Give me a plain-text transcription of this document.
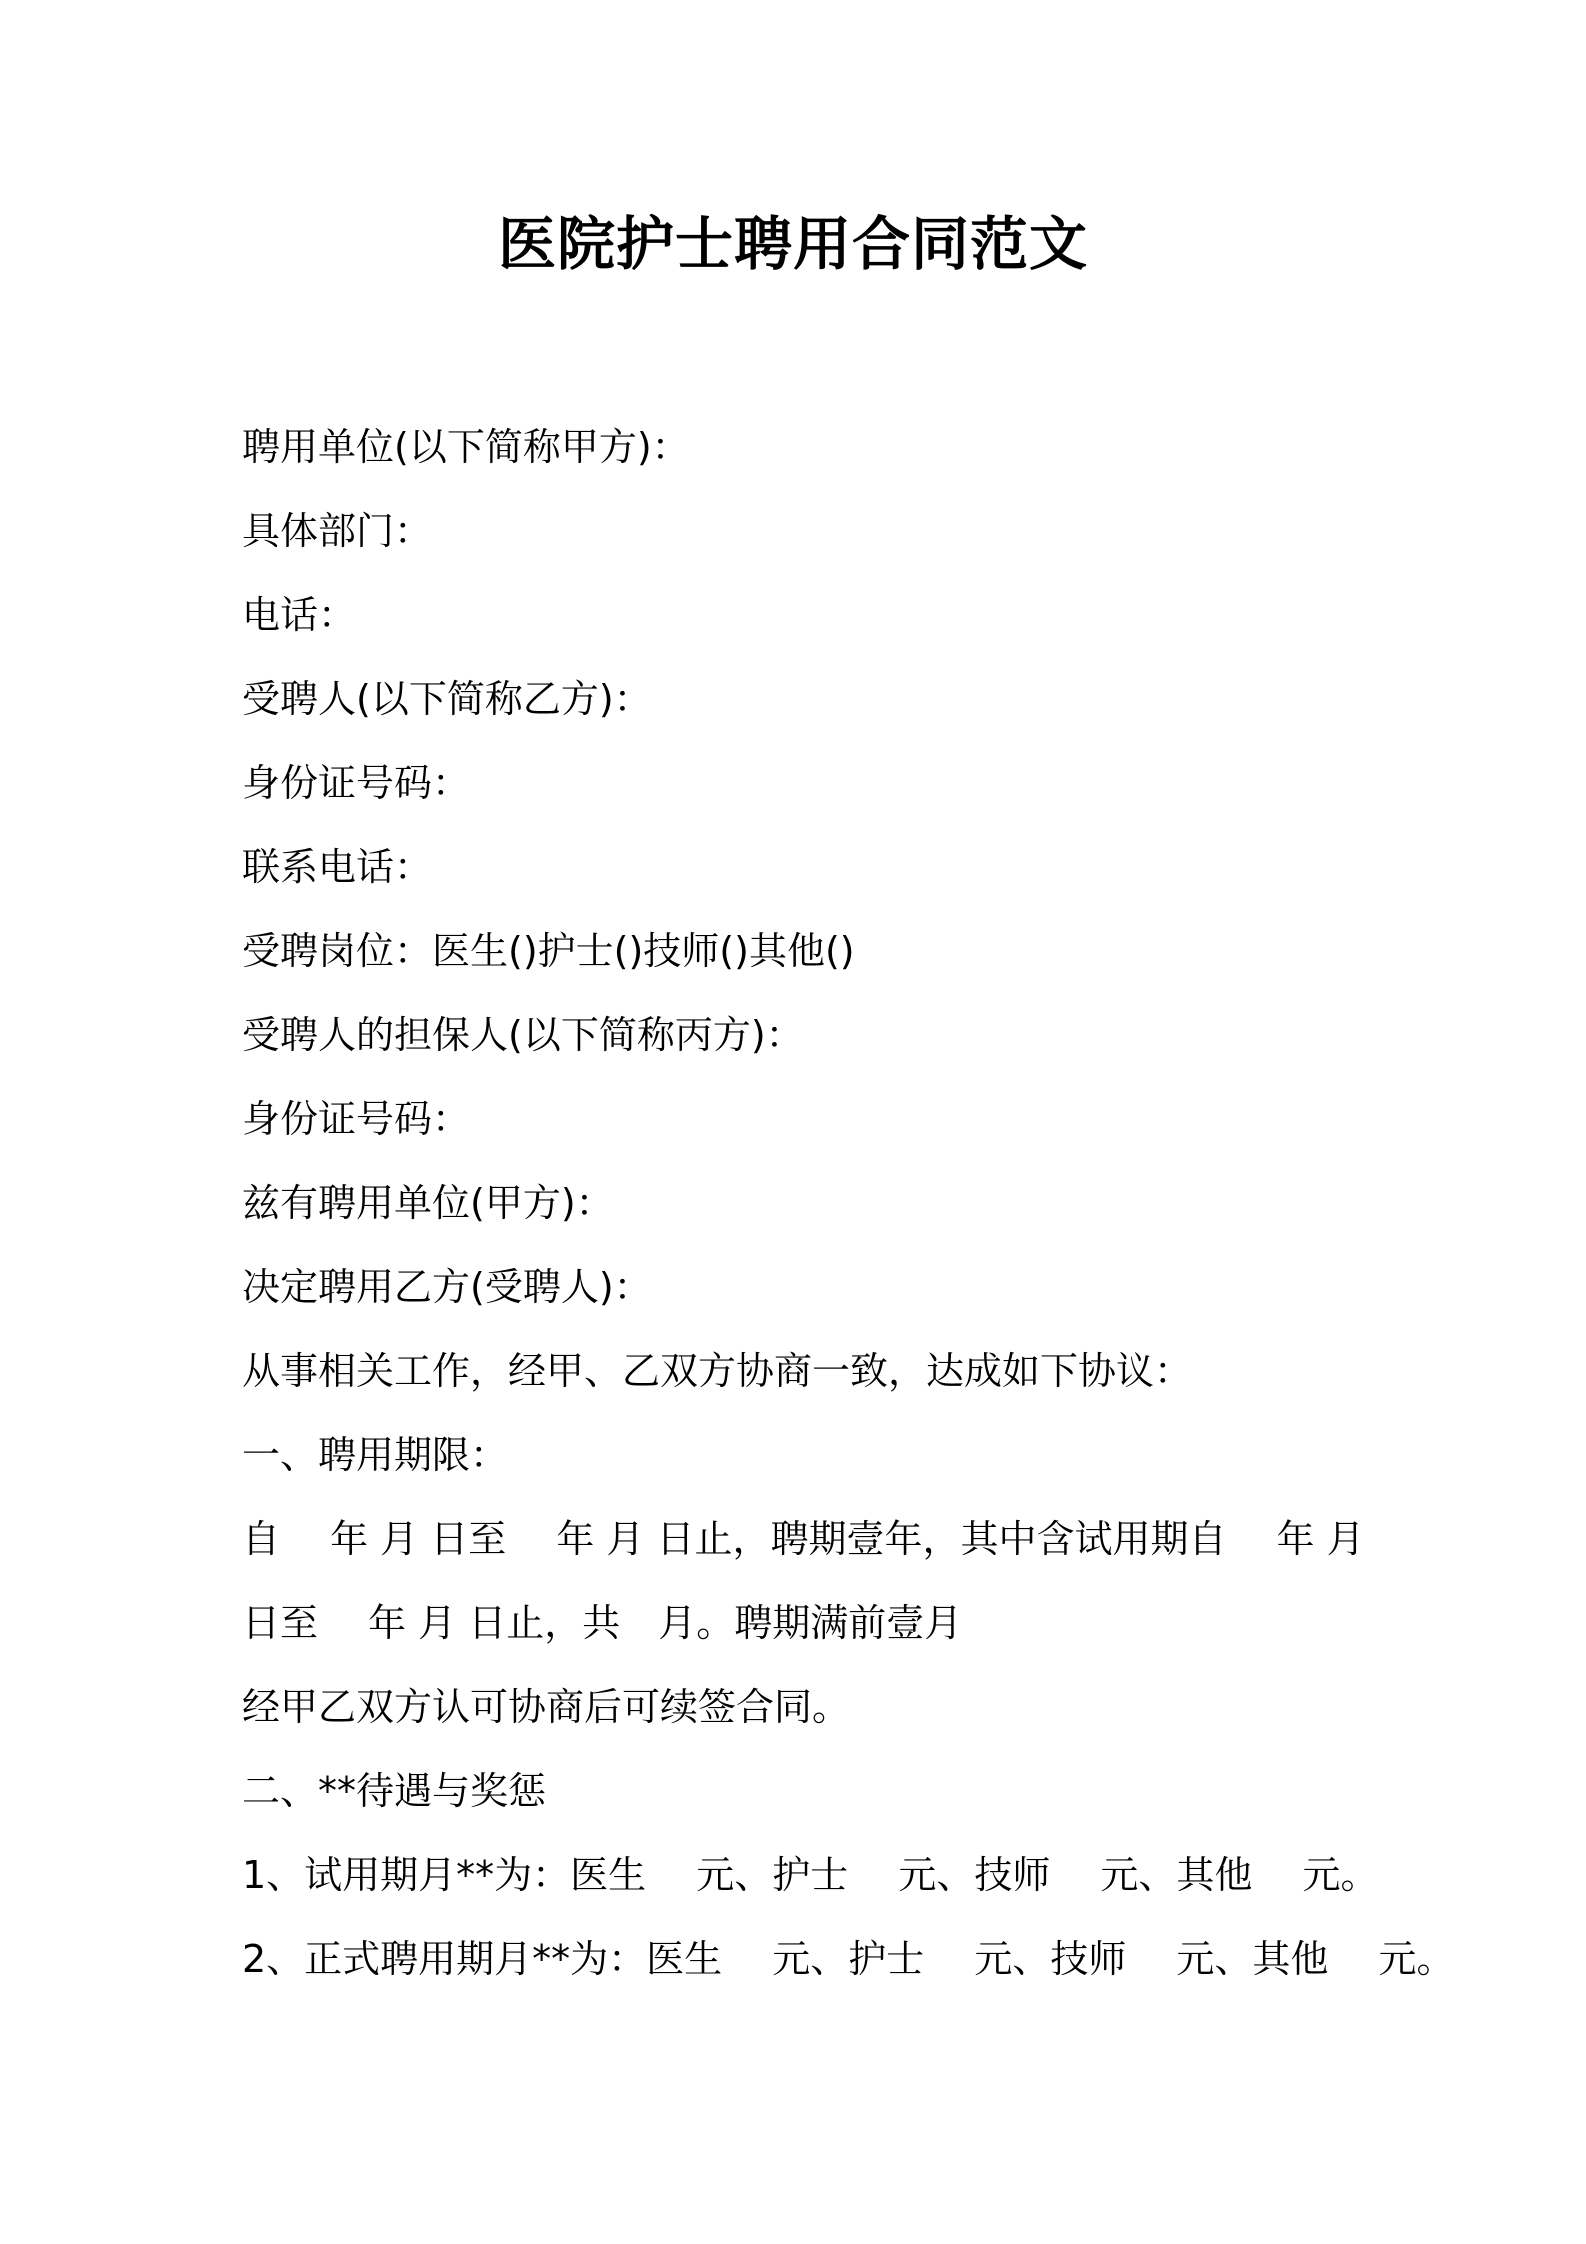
医院护士聘用合同范文
聘用单位(以下简称甲方)：
具体部门：
电话：
受聘人(以下简称乙方)：
身份证号码：
联系电话：
受聘岗位：医生()护士()技师()其他()
受聘人的担保人(以下简称丙方)：
身份证号码：
兹有聘用单位(甲方)：
决定聘用乙方(受聘人)：
从事相关工作，经甲、乙双方协商一致，达成如下协议：
一、聘用期限：
自　 年 月 日至　 年 月 日止，聘期壹年，其中含试用期自　 年 月
日至　 年 月 日止，共　月。聘期满前壹月
经甲乙双方认可协商后可续签合同。
二、**待遇与奖惩
1、试用期月**为：医生　 元、护士　 元、技师　 元、其他　 元。
2、正式聘用期月**为：医生　 元、护士　 元、技师　 元、其他　 元。
